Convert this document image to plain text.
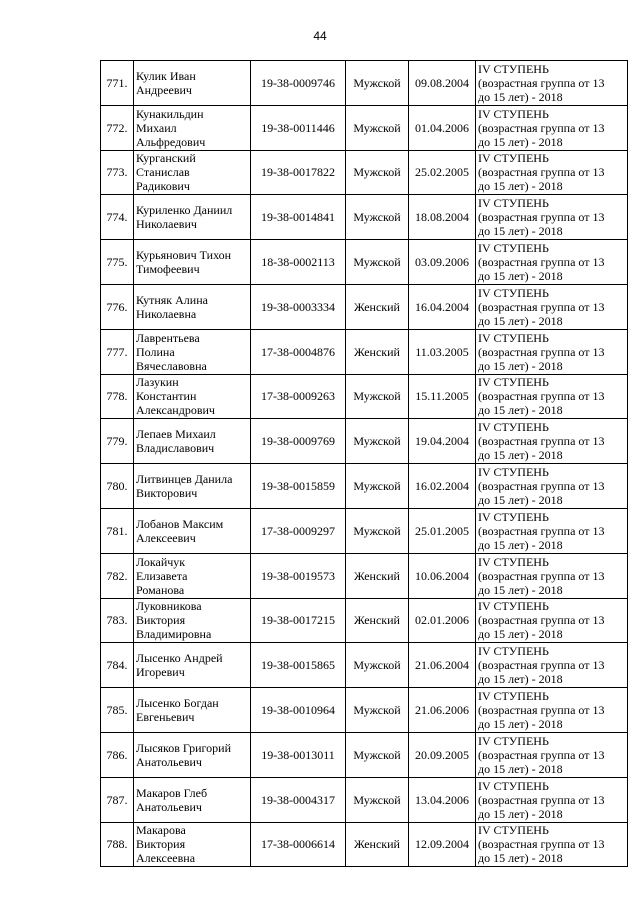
44
771.	Кулик Иван
Андреевич	19-38-0009746	Мужской	09.08.2004	IV СТУПЕНЬ
(возрастная группа от 13
до 15 лет) - 2018

772.	Кунакильдин
Михаил
Альфредович	19-38-0011446	Мужской	01.04.2006	IV СТУПЕНЬ
(возрастная группа от 13
до 15 лет) - 2018

773.	Курганский
Станислав
Радикович	19-38-0017822	Мужской	25.02.2005	IV СТУПЕНЬ
(возрастная группа от 13
до 15 лет) - 2018

774.	Куриленко Даниил
Николаевич	19-38-0014841	Мужской	18.08.2004	IV СТУПЕНЬ
(возрастная группа от 13
до 15 лет) - 2018

775.	Курьянович Тихон
Тимофеевич	18-38-0002113	Мужской	03.09.2006	IV СТУПЕНЬ
(возрастная группа от 13
до 15 лет) - 2018

776.	Кутняк Алина
Николаевна	19-38-0003334	Женский	16.04.2004	IV СТУПЕНЬ
(возрастная группа от 13
до 15 лет) - 2018

777.	Лаврентьева
Полина
Вячеславовна	17-38-0004876	Женский	11.03.2005	IV СТУПЕНЬ
(возрастная группа от 13
до 15 лет) - 2018

778.	Лазукин
Константин
Александрович	17-38-0009263	Мужской	15.11.2005	IV СТУПЕНЬ
(возрастная группа от 13
до 15 лет) - 2018

779.	Лепаев Михаил
Владиславович	19-38-0009769	Мужской	19.04.2004	IV СТУПЕНЬ
(возрастная группа от 13
до 15 лет) - 2018

780.	Литвинцев Данила
Викторович	19-38-0015859	Мужской	16.02.2004	IV СТУПЕНЬ
(возрастная группа от 13
до 15 лет) - 2018

781.	Лобанов Максим
Алексеевич	17-38-0009297	Мужской	25.01.2005	IV СТУПЕНЬ
(возрастная группа от 13
до 15 лет) - 2018

782.	Локайчук
Елизавета
Романова	19-38-0019573	Женский	10.06.2004	IV СТУПЕНЬ
(возрастная группа от 13
до 15 лет) - 2018

783.	Луковникова
Виктория
Владимировна	19-38-0017215	Женский	02.01.2006	IV СТУПЕНЬ
(возрастная группа от 13
до 15 лет) - 2018

784.	Лысенко Андрей
Игоревич	19-38-0015865	Мужской	21.06.2004	IV СТУПЕНЬ
(возрастная группа от 13
до 15 лет) - 2018

785.	Лысенко Богдан
Евгеньевич	19-38-0010964	Мужской	21.06.2006	IV СТУПЕНЬ
(возрастная группа от 13
до 15 лет) - 2018

786.	Лысяков Григорий
Анатольевич	19-38-0013011	Мужской	20.09.2005	IV СТУПЕНЬ
(возрастная группа от 13
до 15 лет) - 2018

787.	Макаров Глеб
Анатольевич	19-38-0004317	Мужской	13.04.2006	IV СТУПЕНЬ
(возрастная группа от 13
до 15 лет) - 2018

788.	Макарова
Виктория
Алексеевна	17-38-0006614	Женский	12.09.2004	IV СТУПЕНЬ
(возрастная группа от 13
до 15 лет) - 2018
